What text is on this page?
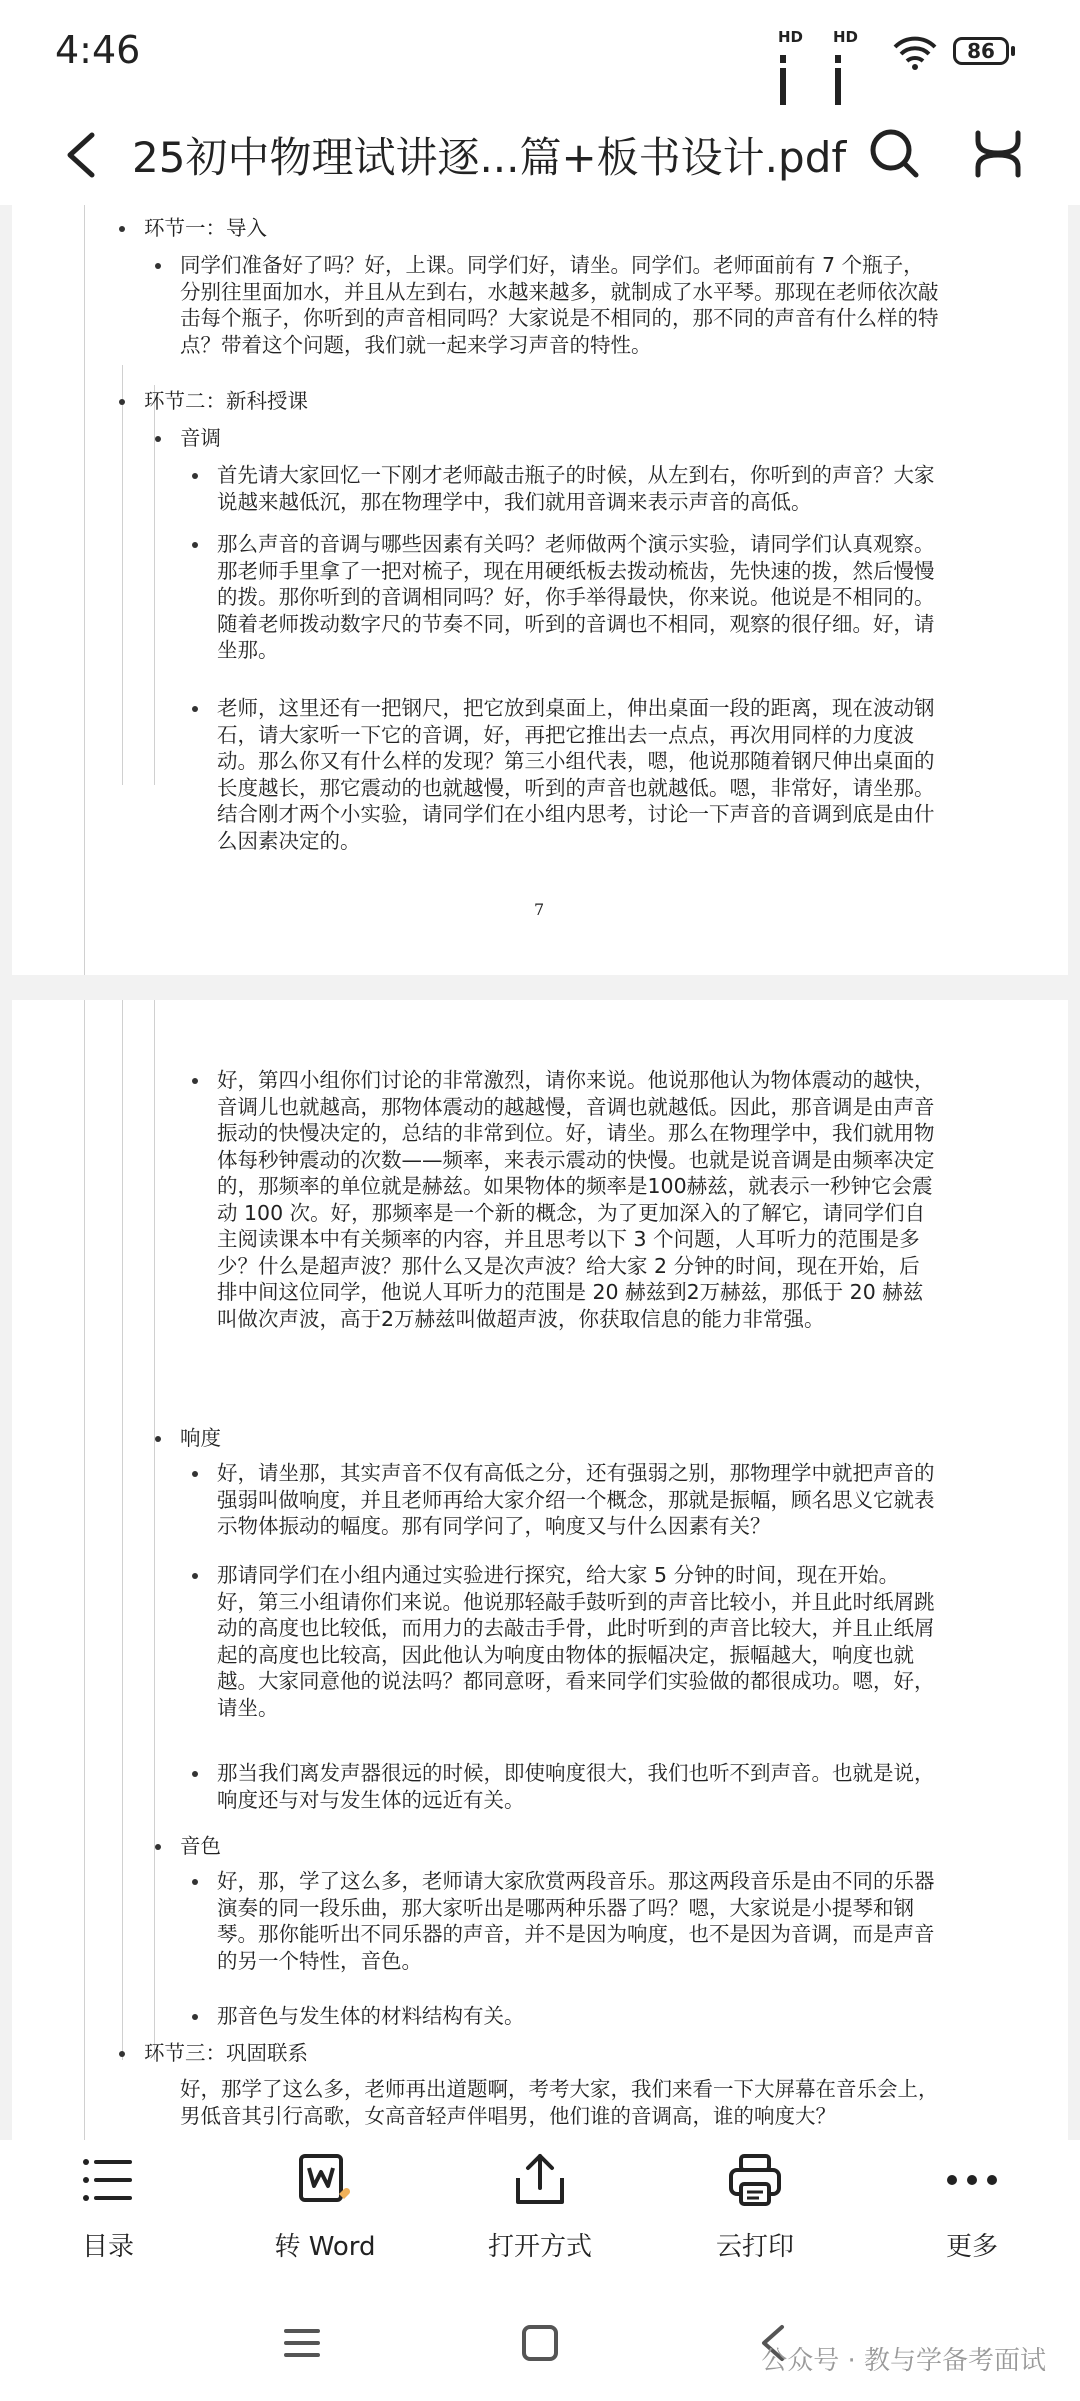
4:46	HD HD
86
25初中物理试讲逐...篇+板书设计.pdf
环节一：导入
同学们准备好了吗？好，上课。同学们好，请坐。同学们。老师面前有 7 个瓶子，分别往里面加水，并且从左到右，水越来越多，就制成了水平琴。那现在老师依次敲击每个瓶子，你听到的声音相同吗？大家说是不相同的，那不同的声音有什么样的特点？带着这个问题，我们就一起来学习声音的特性。
环节二：新科授课
音调
首先请大家回忆一下刚才老师敲击瓶子的时候，从左到右，你听到的声音？大家说越来越低沉，那在物理学中，我们就用音调来表示声音的高低。
那么声音的音调与哪些因素有关吗？老师做两个演示实验，请同学们认真观察。那老师手里拿了一把对梳子，现在用硬纸板去拨动梳齿，先快速的拨，然后慢慢的拨。那你听到的音调相同吗？好，你手举得最快，你来说。他说是不相同的。随着老师拨动数字尺的节奏不同，听到的音调也不相同，观察的很仔细。好，请坐那。
老师，这里还有一把钢尺，把它放到桌面上，伸出桌面一段的距离，现在波动钢石，请大家听一下它的音调，好，再把它推出去一点点，再次用同样的力度波动。那么你又有什么样的发现？第三小组代表，嗯，他说那随着钢尺伸出桌面的长度越长，那它震动的也就越慢，听到的声音也就越低。嗯，非常好，请坐那。结合刚才两个小实验，请同学们在小组内思考，讨论一下声音的音调到底是由什么因素决定的。
7
好，第四小组你们讨论的非常激烈，请你来说。他说那他认为物体震动的越快，音调儿也就越高，那物体震动的越越慢，音调也就越低。因此，那音调是由声音振动的快慢决定的，总结的非常到位。好，请坐。那么在物理学中，我们就用物体每秒钟震动的次数——频率，来表示震动的快慢。也就是说音调是由频率决定的，那频率的单位就是赫兹。如果物体的频率是100赫兹，就表示一秒钟它会震动 100 次。好，那频率是一个新的概念，为了更加深入的了解它，请同学们自主阅读课本中有关频率的内容，并且思考以下 3 个问题，人耳听力的范围是多少？什么是超声波？那什么又是次声波？给大家 2 分钟的时间，现在开始，后排中间这位同学，他说人耳听力的范围是 20 赫兹到2万赫兹，那低于 20 赫兹叫做次声波，高于2万赫兹叫做超声波，你获取信息的能力非常强。
响度
好，请坐那，其实声音不仅有高低之分，还有强弱之别，那物理学中就把声音的强弱叫做响度，并且老师再给大家介绍一个概念，那就是振幅，顾名思义它就表示物体振动的幅度。那有同学问了，响度又与什么因素有关？
那请同学们在小组内通过实验进行探究，给大家 5 分钟的时间，现在开始。好，第三小组请你们来说。他说那轻敲手鼓听到的声音比较小，并且此时纸屑跳动的高度也比较低，而用力的去敲击手骨，此时听到的声音比较大，并且止纸屑起的高度也比较高，因此他认为响度由物体的振幅决定，振幅越大，响度也就越。大家同意他的说法吗？都同意呀，看来同学们实验做的都很成功。嗯，好，请坐。
那当我们离发声器很远的时候，即使响度很大，我们也听不到声音。也就是说，响度还与对与发生体的远近有关。
音色
好，那，学了这么多，老师请大家欣赏两段音乐。那这两段音乐是由不同的乐器演奏的同一段乐曲，那大家听出是哪两种乐器了吗？嗯，大家说是小提琴和钢琴。那你能听出不同乐器的声音，并不是因为响度，也不是因为音调，而是声音的另一个特性，音色。
那音色与发生体的材料结构有关。
环节三：巩固联系
好，那学了这么多，老师再出道题啊，考考大家，我们来看一下大屏幕在音乐会上，男低音其引行高歌，女高音轻声伴唱男，他们谁的音调高，谁的响度大？
目录	转 Word	打开方式	云打印	更多
公众号 · 教与学备考面试
